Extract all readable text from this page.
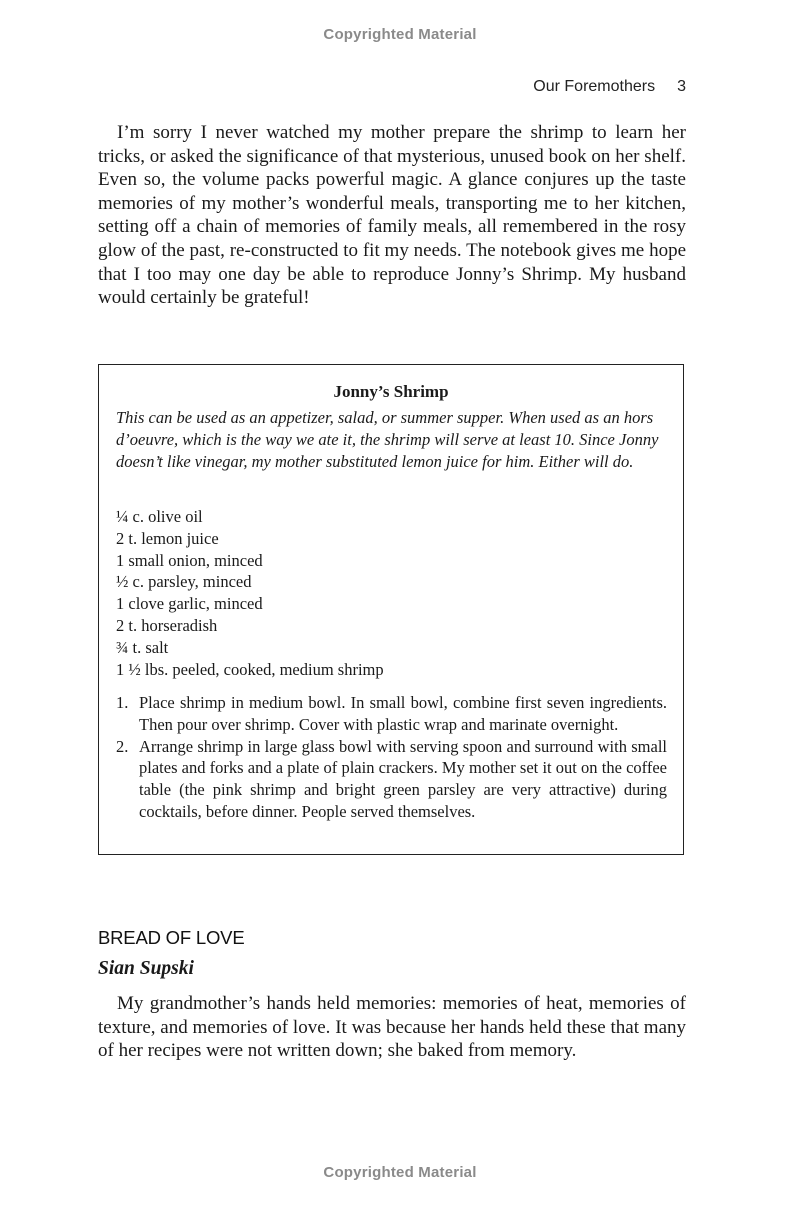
Copyrighted Material
Our Foremothers 3

I’m sorry I never watched my mother prepare the shrimp to learn her tricks, or asked the significance of that mysterious, unused book on her shelf. Even so, the volume packs powerful magic. A glance conjures up the taste memories of my mother’s wonderful meals, transporting me to her kitchen, setting off a chain of memories of family meals, all remembered in the rosy glow of the past, re-constructed to fit my needs. The notebook gives me hope that I too may one day be able to reproduce Jonny’s Shrimp. My husband would certainly be grateful!

Jonny’s Shrimp

This can be used as an appetizer, salad, or summer supper. When used as an hors d’oeuvre, which is the way we ate it, the shrimp will serve at least 10. Since Jonny doesn’t like vinegar, my mother substituted lemon juice for him. Either will do.

¼ c. olive oil
2 t. lemon juice
1 small onion, minced
½ c. parsley, minced
1 clove garlic, minced
2 t. horseradish
¾ t. salt
1 ½ lbs. peeled, cooked, medium shrimp
1. Place shrimp in medium bowl. In small bowl, combine first seven ingredients. Then pour over shrimp. Cover with plastic wrap and marinate overnight.
2. Arrange shrimp in large glass bowl with serving spoon and surround with small plates and forks and a plate of plain crackers. My mother set it out on the coffee table (the pink shrimp and bright green parsley are very attractive) during cocktails, before dinner. People served themselves.
BREAD OF LOVE
Sian Supski

My grandmother’s hands held memories: memories of heat, memories of texture, and memories of love. It was because her hands held these that many of her recipes were not written down; she baked from memory.

Copyrighted Material
